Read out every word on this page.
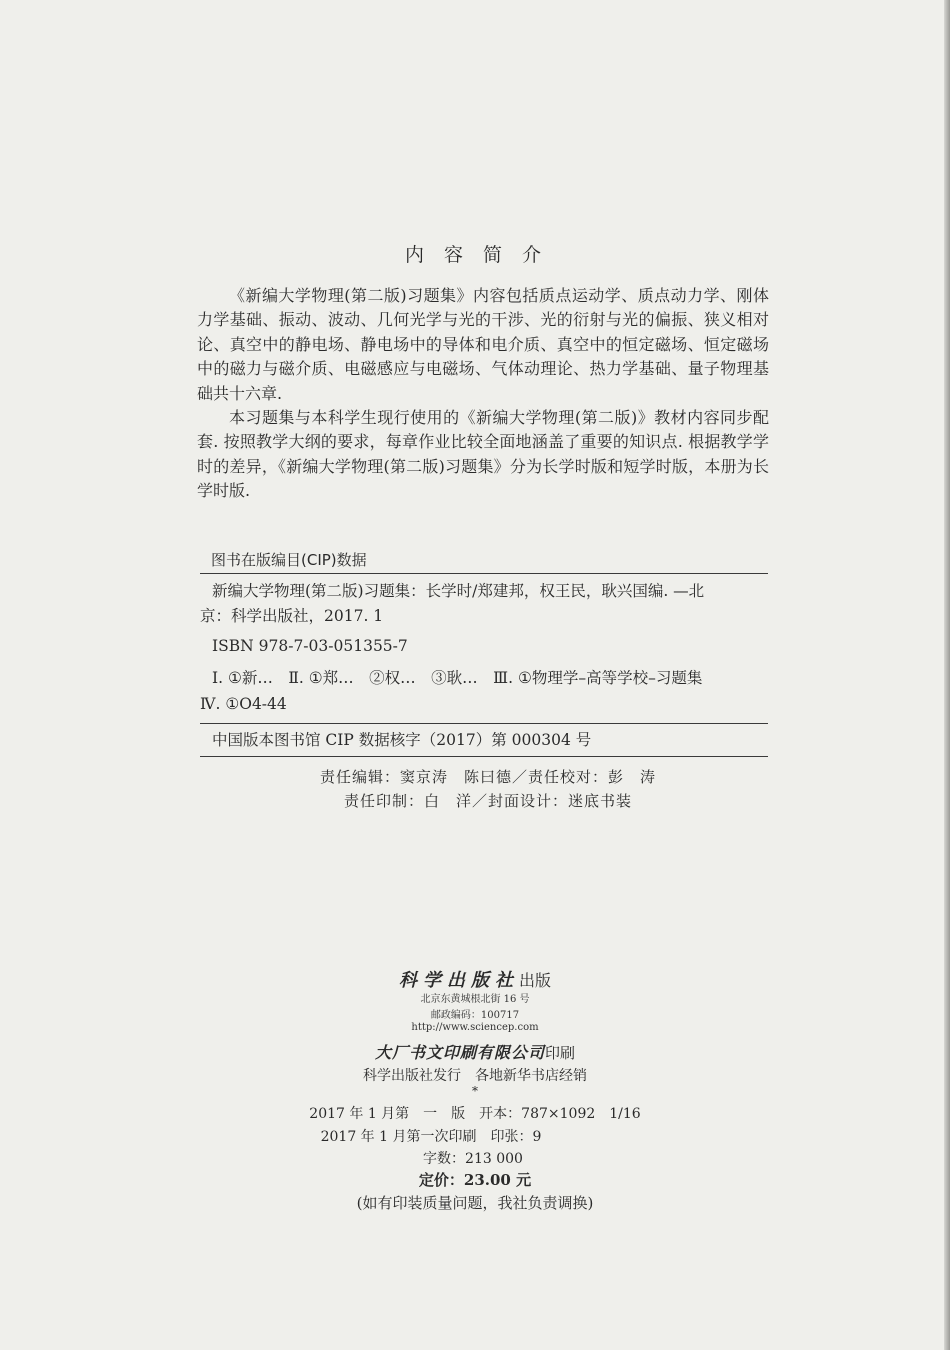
内容简介

《新编大学物理(第二版)习题集》内容包括质点运动学、质点动力学、刚体力学基础、振动、波动、几何光学与光的干涉、光的衍射与光的偏振、狭义相对论、真空中的静电场、静电场中的导体和电介质、真空中的恒定磁场、恒定磁场中的磁力与磁介质、电磁感应与电磁场、气体动理论、热力学基础、量子物理基础共十六章.

本习题集与本科学生现行使用的《新编大学物理(第二版)》教材内容同步配套. 按照教学大纲的要求，每章作业比较全面地涵盖了重要的知识点. 根据教学学时的差异，《新编大学物理(第二版)习题集》分为长学时版和短学时版，本册为长学时版.

图书在版编目(CIP)数据
新编大学物理(第二版)习题集：长学时/郑建邦，权王民，耿兴国编. —北
京：科学出版社，2017. 1
ISBN 978-7-03-051355-7
Ⅰ. ①新…　Ⅱ. ①郑…　②权…　③耿…　Ⅲ. ①物理学–高等学校–习题集
Ⅳ. ①O4-44
中国版本图书馆 CIP 数据核字（2017）第 000304 号
责任编辑：窦京涛　陈曰德／责任校对：彭　涛
责任印制：白　洋／封面设计：迷底书装
科学出版社出版
北京东黄城根北街 16 号
邮政编码：100717
http://www.sciencep.com
大厂书文印刷有限公司印刷
科学出版社发行　各地新华书店经销
*
2017 年 1 月第　一　版　开本：787×1092　1/16
2017 年 1 月第一次印刷　印张：9
字数：213 000
定价：23.00 元
(如有印装质量问题，我社负责调换)
